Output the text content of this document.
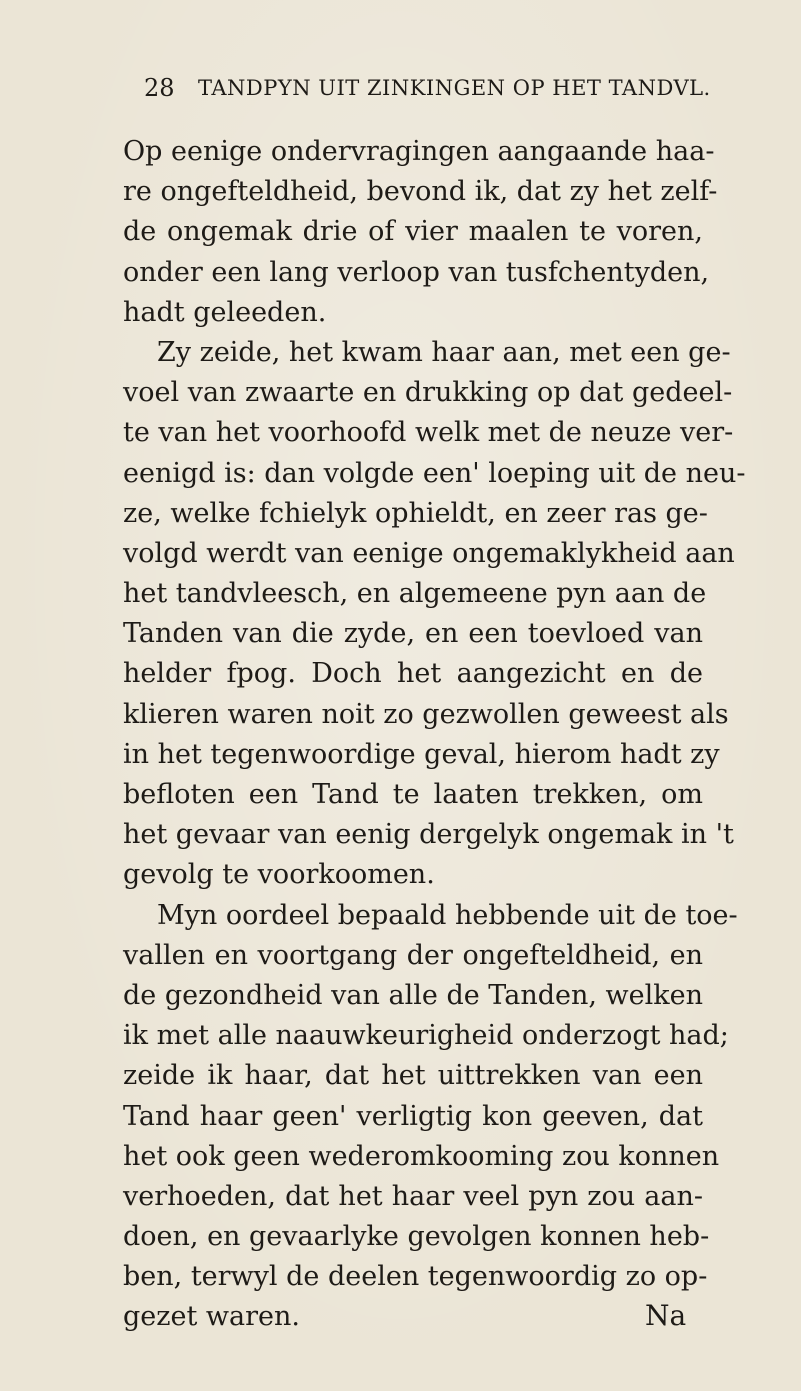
28 TANDPYN UIT ZINKINGEN OP HET TANDVL.
Op eenige ondervragingen aangaande haa-
re ongefteldheid, bevond ik, dat zy het zelf-
de ongemak drie of vier maalen te voren,
onder een lang verloop van tusfchentyden,
hadt geleeden.
Zy zeide, het kwam haar aan, met een ge-
voel van zwaarte en drukking op dat gedeel-
te van het voorhoofd welk met de neuze ver-
eenigd is: dan volgde een' loeping uit de neu-
ze, welke fchielyk ophieldt, en zeer ras ge-
volgd werdt van eenige ongemaklykheid aan
het tandvleesch, en algemeene pyn aan de
Tanden van die zyde, en een toevloed van
helder fpog. Doch het aangezicht en de
klieren waren noit zo gezwollen geweest als
in het tegenwoordige geval, hierom hadt zy
befloten een Tand te laaten trekken, om
het gevaar van eenig dergelyk ongemak in 't
gevolg te voorkoomen.
Myn oordeel bepaald hebbende uit de toe-
vallen en voortgang der ongefteldheid, en
de gezondheid van alle de Tanden, welken
ik met alle naauwkeurigheid onderzogt had;
zeide ik haar, dat het uittrekken van een
Tand haar geen' verligtig kon geeven, dat
het ook geen wederomkooming zou konnen
verhoeden, dat het haar veel pyn zou aan-
doen, en gevaarlyke gevolgen konnen heb-
ben, terwyl de deelen tegenwoordig zo op-
gezet waren.	Na
